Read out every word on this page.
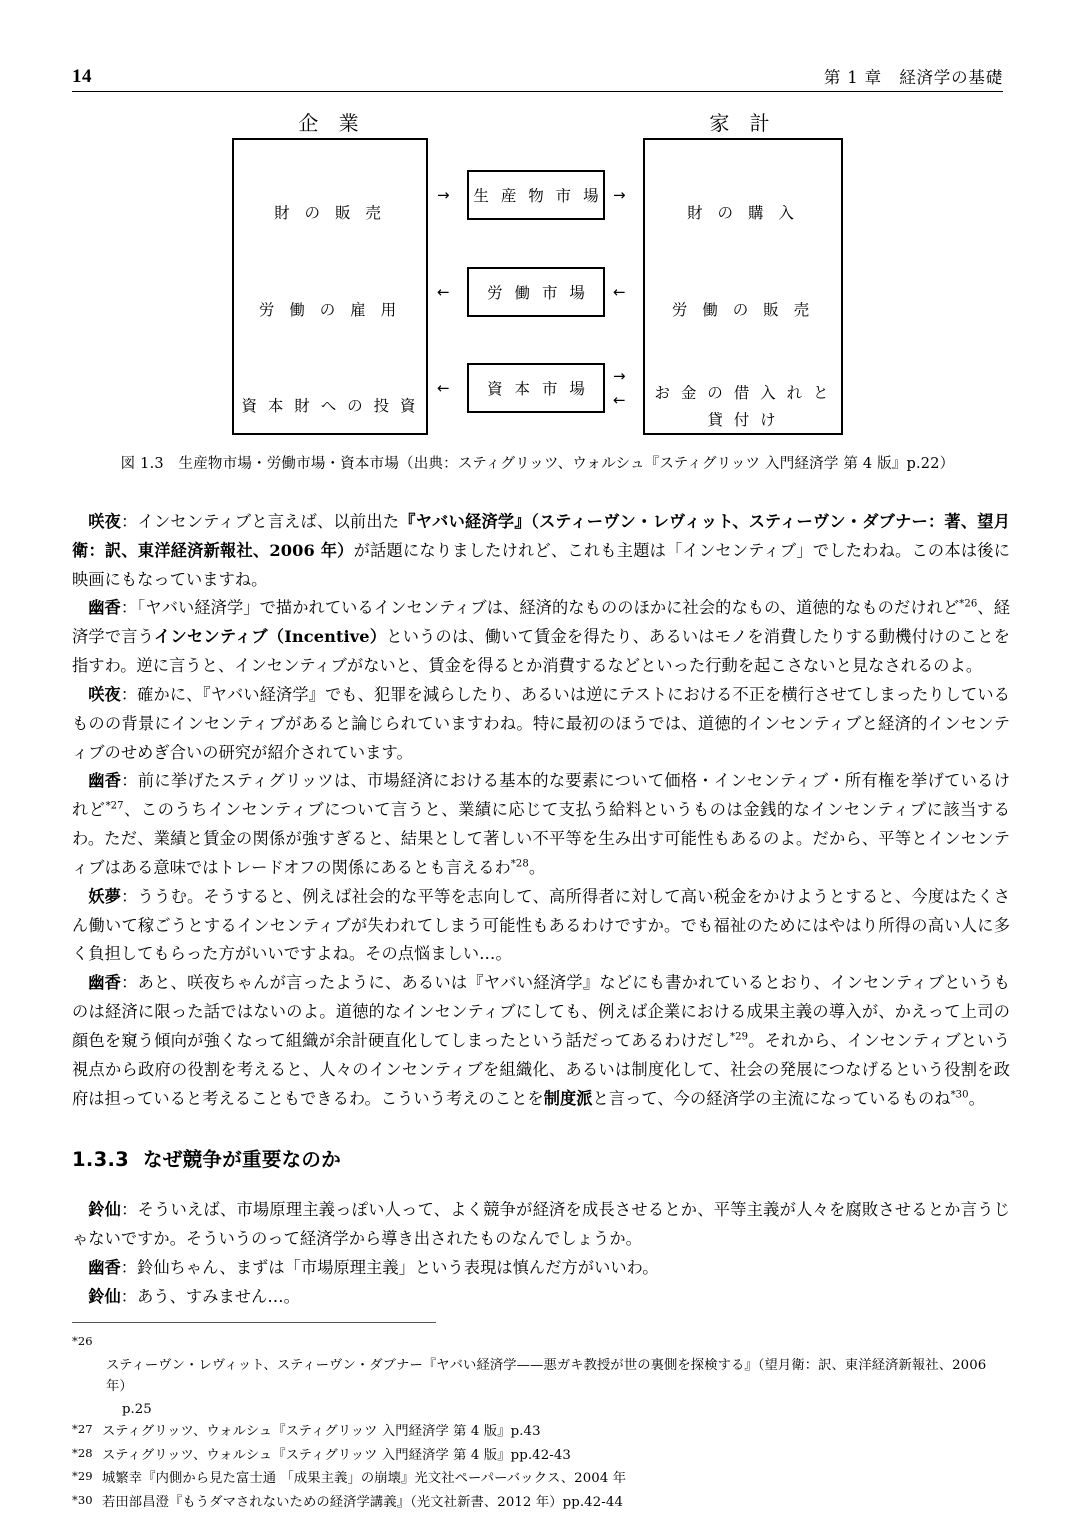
14	第 1 章　経済学の基礎
企 業	家 計
財 の 販 売
労 働 の 雇 用
資 本 財 へ の 投 資
財 の 購 入
労 働 の 販 売
お 金 の 借 入 れ と
貸 付 け
生 産 物 市 場
労 働 市 場
資 本 市 場
→	→
←	←
←
→
←
図 1.3　生産物市場・労働市場・資本市場（出典：スティグリッツ、ウォルシュ『スティグリッツ 入門経済学 第 4 版』p.22）

咲夜：インセンティブと言えば、以前出た『ヤバい経済学』（スティーヴン・レヴィット、スティーヴン・ダブナー：著、望月衛：訳、東洋経済新報社、2006 年）が話題になりましたけれど、これも主題は「インセンティブ」でしたわね。この本は後に映画にもなっていますね。

幽香：「ヤバい経済学」で描かれているインセンティブは、経済的なもののほかに社会的なもの、道徳的なものだけれど$^{*26}$、経済学で言うインセンティブ（Incentive）というのは、働いて賃金を得たり、あるいはモノを消費したりする動機付けのことを指すわ。逆に言うと、インセンティブがないと、賃金を得るとか消費するなどといった行動を起こさないと見なされるのよ。

咲夜：確かに、『ヤバい経済学』でも、犯罪を減らしたり、あるいは逆にテストにおける不正を横行させてしまったりしているものの背景にインセンティブがあると論じられていますわね。特に最初のほうでは、道徳的インセンティブと経済的インセンティブのせめぎ合いの研究が紹介されています。

幽香：前に挙げたスティグリッツは、市場経済における基本的な要素について価格・インセンティブ・所有権を挙げているけれど$^{*27}$、このうちインセンティブについて言うと、業績に応じて支払う給料というものは金銭的なインセンティブに該当するわ。ただ、業績と賃金の関係が強すぎると、結果として著しい不平等を生み出す可能性もあるのよ。だから、平等とインセンティブはある意味ではトレードオフの関係にあるとも言えるわ$^{*28}$。

妖夢：ううむ。そうすると、例えば社会的な平等を志向して、高所得者に対して高い税金をかけようとすると、今度はたくさん働いて稼ごうとするインセンティブが失われてしまう可能性もあるわけですか。でも福祉のためにはやはり所得の高い人に多く負担してもらった方がいいですよね。その点悩ましい…。

幽香：あと、咲夜ちゃんが言ったように、あるいは『ヤバい経済学』などにも書かれているとおり、インセンティブというものは経済に限った話ではないのよ。道徳的なインセンティブにしても、例えば企業における成果主義の導入が、かえって上司の顔色を窺う傾向が強くなって組織が余計硬直化してしまったという話だってあるわけだし$^{*29}$。それから、インセンティブという視点から政府の役割を考えると、人々のインセンティブを組織化、あるいは制度化して、社会の発展につなげるという役割を政府は担っていると考えることもできるわ。こういう考えのことを制度派と言って、今の経済学の主流になっているものね$^{*30}$。

1.3.3 なぜ競争が重要なのか

鈴仙：そういえば、市場原理主義っぽい人って、よく競争が経済を成長させるとか、平等主義が人々を腐敗させるとか言うじゃないですか。そういうのって経済学から導き出されたものなんでしょうか。

幽香：鈴仙ちゃん、まずは「市場原理主義」という表現は慎んだ方がいいわ。

鈴仙：あう、すみません…。

*26スティーヴン・レヴィット、スティーヴン・ダブナー『ヤバい経済学——悪ガキ教授が世の裏側を探検する』（望月衛：訳、東洋経済新報社、2006 年）
p.25
*27 スティグリッツ、ウォルシュ『スティグリッツ 入門経済学 第 4 版』p.43
*28 スティグリッツ、ウォルシュ『スティグリッツ 入門経済学 第 4 版』pp.42-43
*29 城繁幸『内側から見た富士通 「成果主義」の崩壊』光文社ペーパーバックス、2004 年
*30 若田部昌澄『もうダマされないための経済学講義』（光文社新書、2012 年）pp.42-44
